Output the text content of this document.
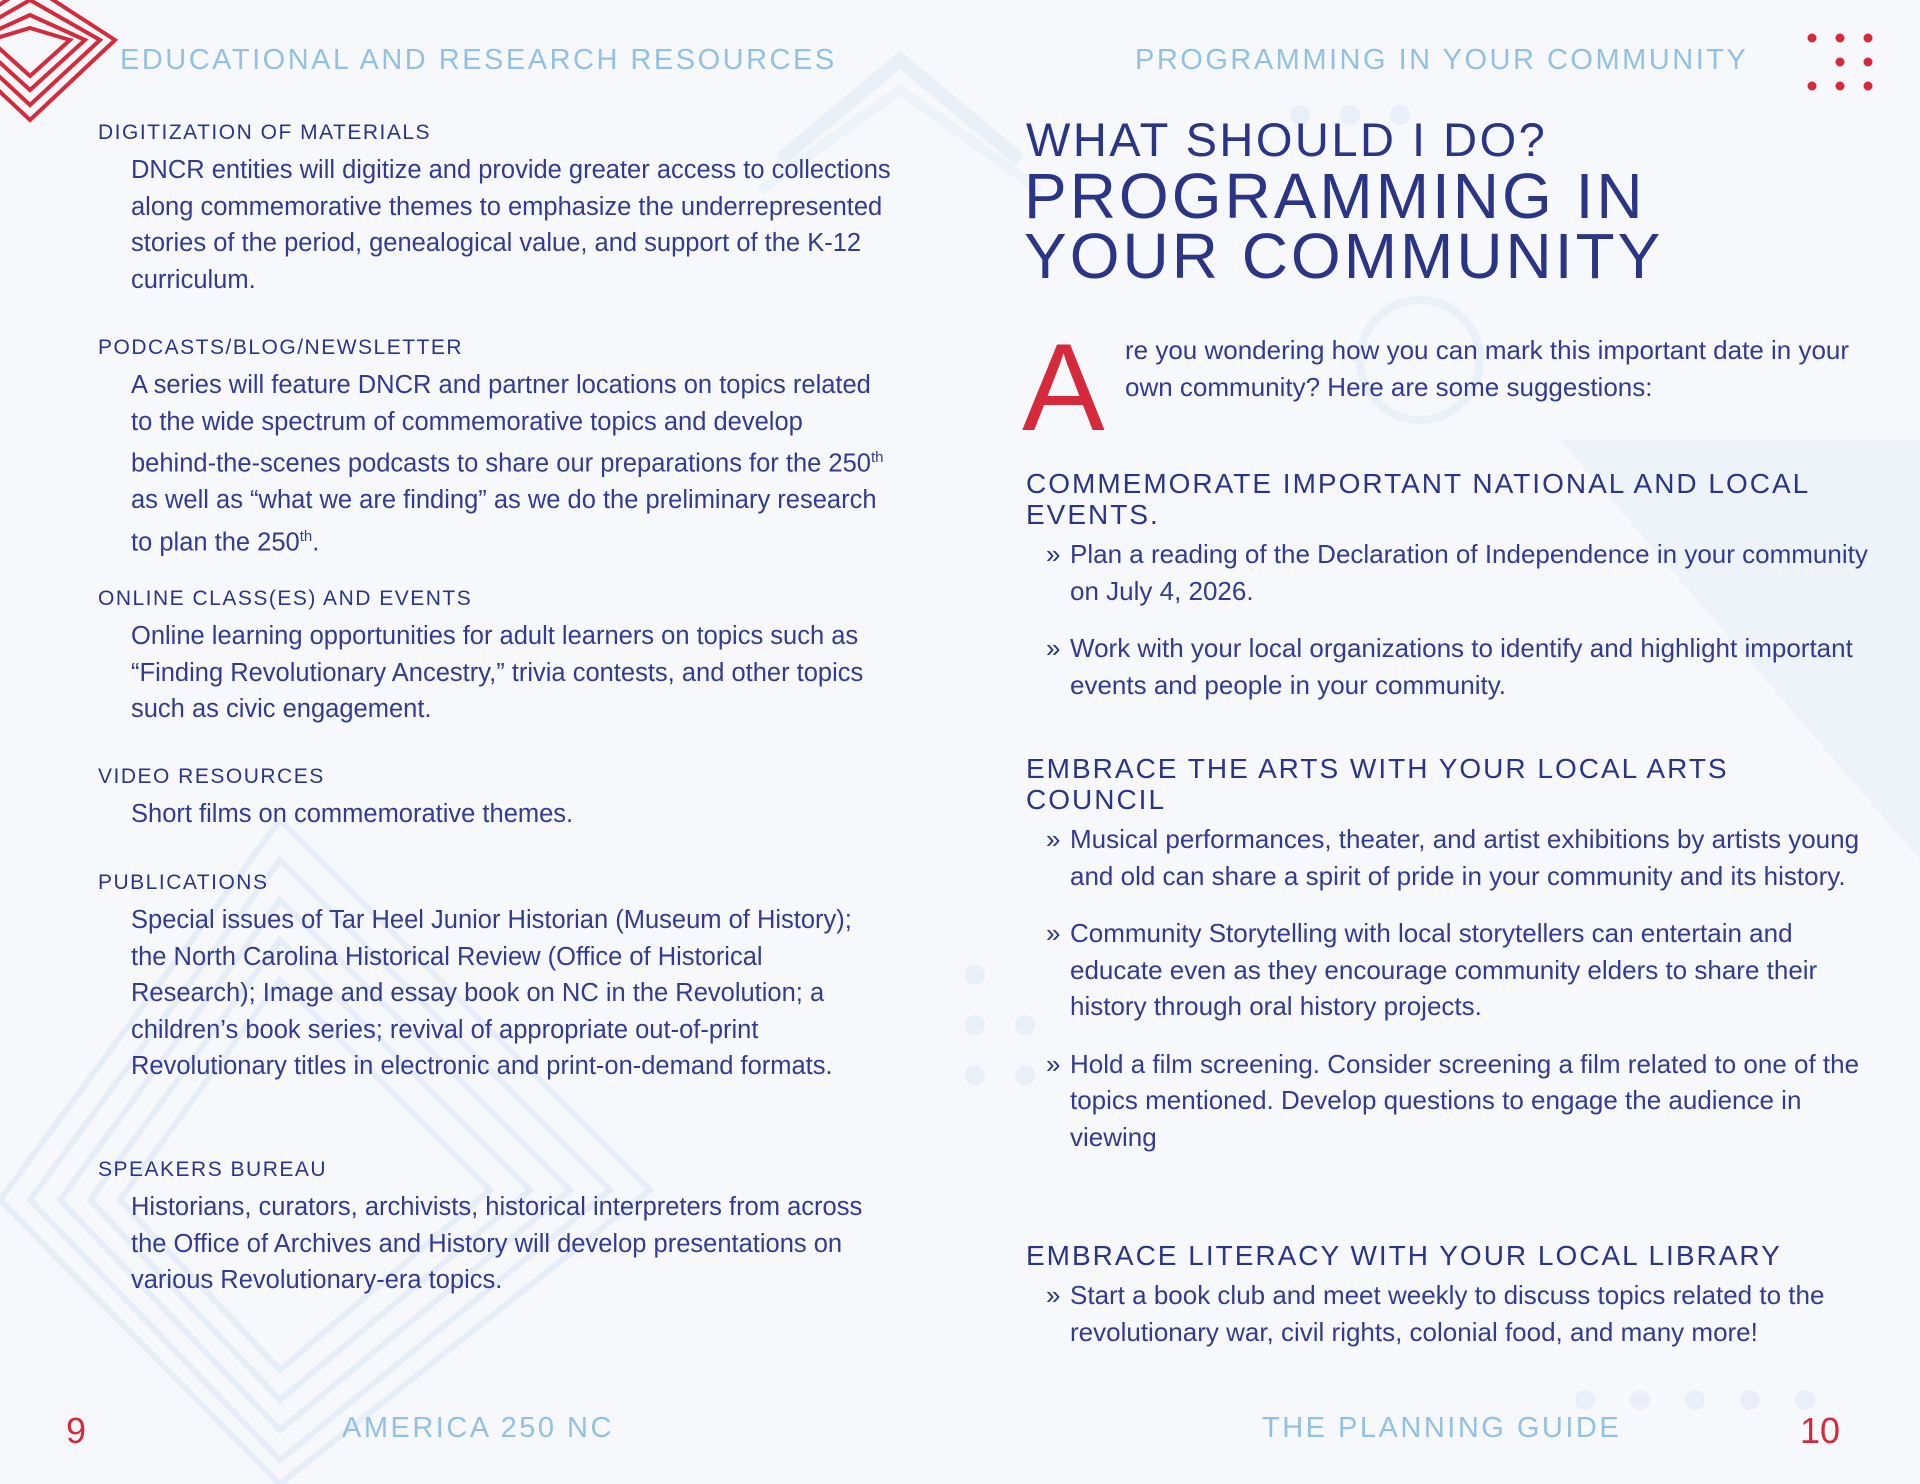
EDUCATIONAL AND RESEARCH RESOURCES
DIGITIZATION OF MATERIALS

DNCR entities will digitize and provide greater access to collections along commemorative themes to emphasize the underrepresented stories of the period, genealogical value, and support of the K-12 curriculum.

PODCASTS/BLOG/NEWSLETTER

A series will feature DNCR and partner locations on topics related to the wide spectrum of commemorative topics and develop behind-the-scenes podcasts to share our preparations for the 250th as well as “what we are finding” as we do the preliminary research to plan the 250th.

ONLINE CLASS(ES) AND EVENTS

Online learning opportunities for adult learners on topics such as “Finding Revolutionary Ancestry,” trivia contests, and other topics such as civic engagement.

VIDEO RESOURCES

Short films on commemorative themes.

PUBLICATIONS

Special issues of Tar Heel Junior Historian (Museum of History); the North Carolina Historical Review (Office of Historical Research); Image and essay book on NC in the Revolution; a children’s book series; revival of appropriate out-of-print Revolutionary titles in electronic and print-on-demand formats.

SPEAKERS BUREAU

Historians, curators, archivists, historical interpreters from across the Office of Archives and History will develop presentations on various Revolutionary-era topics.

9	AMERICA 250 NC
PROGRAMMING IN YOUR COMMUNITY
WHAT SHOULD I DO?
PROGRAMMING IN
YOUR COMMUNITY
A re you wondering how you can mark this important date in your own community? Here are some suggestions:

COMMEMORATE IMPORTANT NATIONAL AND LOCAL EVENTS.
» Plan a reading of the Declaration of Independence in your community on July 4, 2026.
» Work with your local organizations to identify and highlight important events and people in your community.
EMBRACE THE ARTS WITH YOUR LOCAL ARTS COUNCIL
» Musical performances, theater, and artist exhibitions by artists young and old can share a spirit of pride in your community and its history.
» Community Storytelling with local storytellers can entertain and educate even as they encourage community elders to share their history through oral history projects.
» Hold a film screening. Consider screening a film related to one of the topics mentioned. Develop questions to engage the audience in viewing
EMBRACE LITERACY WITH YOUR LOCAL LIBRARY
» Start a book club and meet weekly to discuss topics related to the revolutionary war, civil rights, colonial food, and many more!
THE PLANNING GUIDE	10
